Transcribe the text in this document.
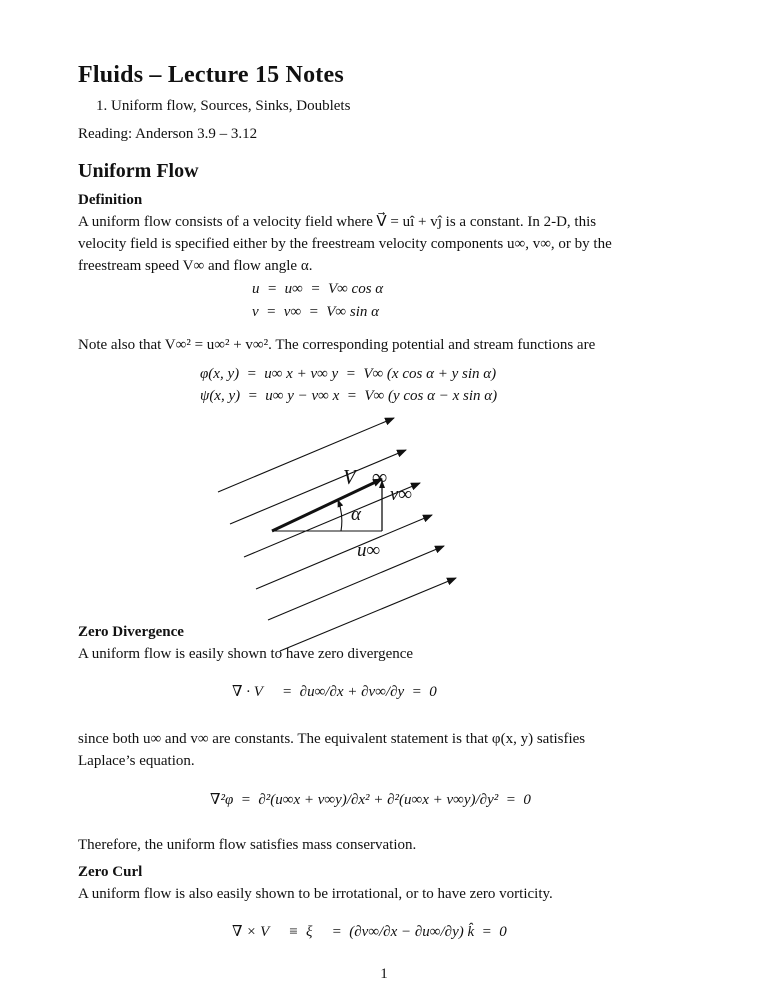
Fluids – Lecture 15 Notes
1. Uniform flow, Sources, Sinks, Doublets
Reading: Anderson 3.9 – 3.12
Uniform Flow
Definition
A uniform flow consists of a velocity field where V⃗ = uî + vĵ is a constant. In 2-D, this
velocity field is specified either by the freestream velocity components u∞, v∞, or by the
freestream speed V∞ and flow angle α.
u  =  u∞  =  V∞ cos α
v  =  v∞  =  V∞ sin α
Note also that V∞² = u∞² + v∞². The corresponding potential and stream functions are
φ(x, y)  =  u∞ x + v∞ y  =  V∞ (x cos α + y sin α)
ψ(x, y)  =  u∞ y − v∞ x  =  V∞ (y cos α − x sin α)
V⃗∞
v∞
α
u∞
Zero Divergence
A uniform flow is easily shown to have zero divergence
∇ · V⃗  =  ∂u∞/∂x + ∂v∞/∂y  =  0
since both u∞ and v∞ are constants. The equivalent statement is that φ(x, y) satisfies
Laplace’s equation.
∇²φ  =  ∂²(u∞x + v∞y)/∂x² + ∂²(u∞x + v∞y)/∂y²  =  0
Therefore, the uniform flow satisfies mass conservation.
Zero Curl
A uniform flow is also easily shown to be irrotational, or to have zero vorticity.
∇ × V⃗  ≡  ξ⃗  =  (∂v∞/∂x − ∂u∞/∂y) k̂  =  0
1
